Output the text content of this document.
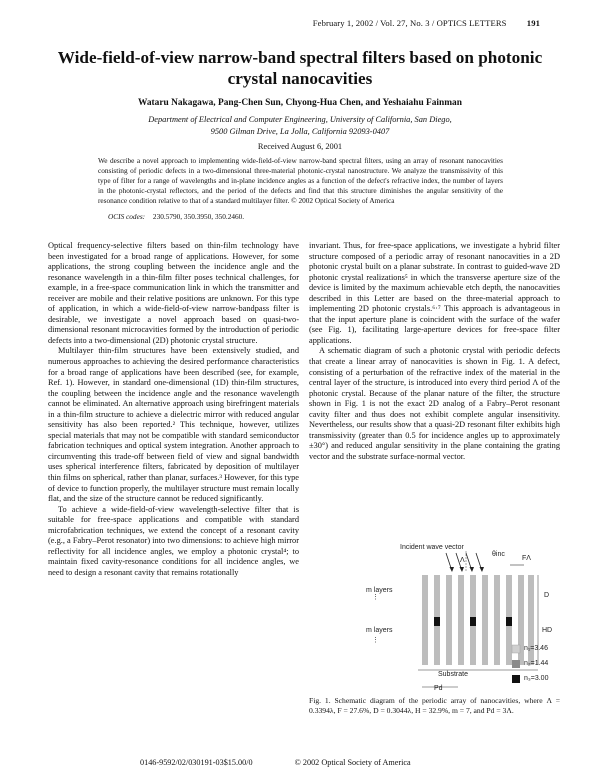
February 1, 2002 / Vol. 27, No. 3 / OPTICS LETTERS 191
Wide-field-of-view narrow-band spectral filters based on photonic crystal nanocavities
Wataru Nakagawa, Pang-Chen Sun, Chyong-Hua Chen, and Yeshaiahu Fainman
Department of Electrical and Computer Engineering, University of California, San Diego,
9500 Gilman Drive, La Jolla, California 92093-0407
Received August 6, 2001
We describe a novel approach to implementing wide-field-of-view narrow-band spectral filters, using an array of resonant nanocavities consisting of periodic defects in a two-dimensional three-material photonic-crystal nanostructure. We analyze the transmissivity of this type of filter for a range of wavelengths and in-plane incidence angles as a function of the defect's refractive index, the number of layers in the photonic-crystal reflectors, and the period of the defects and find that this structure diminishes the angular sensitivity of the resonance condition relative to that of a standard multilayer filter. © 2002 Optical Society of America
OCIS codes: 230.5790, 350.3950, 350.2460.

Optical frequency-selective filters based on thin-film technology have been investigated for a broad range of applications. However, for some applications, the strong coupling between the incidence angle and the resonance wavelength in a thin-film filter poses technical challenges, for example, in a free-space communication link in which the transmitter and receiver are mobile and their relative positions are unknown. For this type of application, in which a wide-field-of-view narrow-bandpass filter is desirable, we investigate a novel approach based on quasi-two-dimensional resonant microcavities formed by the introduction of periodic defects into a two-dimensional (2D) photonic crystal structure.

Multilayer thin-film structures have been extensively studied, and numerous approaches to achieving the desired performance characteristics for a broad range of applications have been described (see, for example, Ref. 1). However, in standard one-dimensional (1D) thin-film structures, the coupling between the incidence angle and the resonance wavelength cannot be eliminated. An alternative approach using birefringent materials in a thin-film structure to achieve a dielectric mirror with reduced angular sensitivity has also been reported.² This technique, however, utilizes special materials that may not be compatible with standard semiconductor fabrication techniques and optical system integration. Another approach to circumventing this trade-off between field of view and signal bandwidth uses spherical interference filters, fabricated by deposition of multilayer thin films on spherical, rather than planar, surfaces.³ However, for this type of device to function properly, the multilayer structure must remain locally flat, and the size of the structure cannot be reduced significantly.

To achieve a wide-field-of-view wavelength-selective filter that is suitable for free-space applications and compatible with standard microfabrication techniques, we extend the concept of a resonant cavity (e.g., a Fabry–Perot resonator) into two dimensions: to achieve high mirror reflectivity for all incidence angles, we employ a photonic crystal⁴; to maintain fixed cavity-resonance conditions for all incidence angles, we need to design a resonant cavity that remains rotationally

invariant. Thus, for free-space applications, we investigate a hybrid filter structure composed of a periodic array of resonant nanocavities in a 2D photonic crystal built on a planar substrate. In contrast to guided-wave 2D photonic crystal realizations⁵ in which the transverse aperture size of the device is limited by the maximum achievable etch depth, the nanocavities described in this Letter are based on the three-material approach to implementing 2D photonic crystals.⁶·⁷ This approach is advantageous in that the input aperture plane is coincident with the surface of the wafer (see Fig. 1), facilitating large-aperture devices for free-space filter applications.

A schematic diagram of such a photonic crystal with periodic defects that create a linear array of nanocavities is shown in Fig. 1. A defect, consisting of a perturbation of the refractive index of the material in the central layer of the structure, is introduced into every third period Λ of the photonic crystal. Because of the planar nature of the filter, the structure shown in Fig. 1 is not the exact 2D analog of a Fabry–Perot resonant cavity filter and thus does not exhibit complete angular insensitivity. Nevertheless, our results show that a quasi-2D resonant filter exhibits high transmissivity (greater than 0.5 for incidence angles up to approximately ±30°) and reduced angular sensitivity in the plane containing the grating vector and the substrate surface-normal vector.

⋮
⋮
Incident wave vector
θinc
Λ	FΛ
D
m layers
m layers	HD
Substrate
Pd
n₁=3.46
n₂=1.44
n₃=3.00
Fig. 1. Schematic diagram of the periodic array of nanocavities, where Λ = 0.3394λ, F = 27.6%, D = 0.3044λ, H = 32.9%, m = 7, and Pd = 3Λ.
0146-9592/02/030191-03$15.00/0	© 2002 Optical Society of America
